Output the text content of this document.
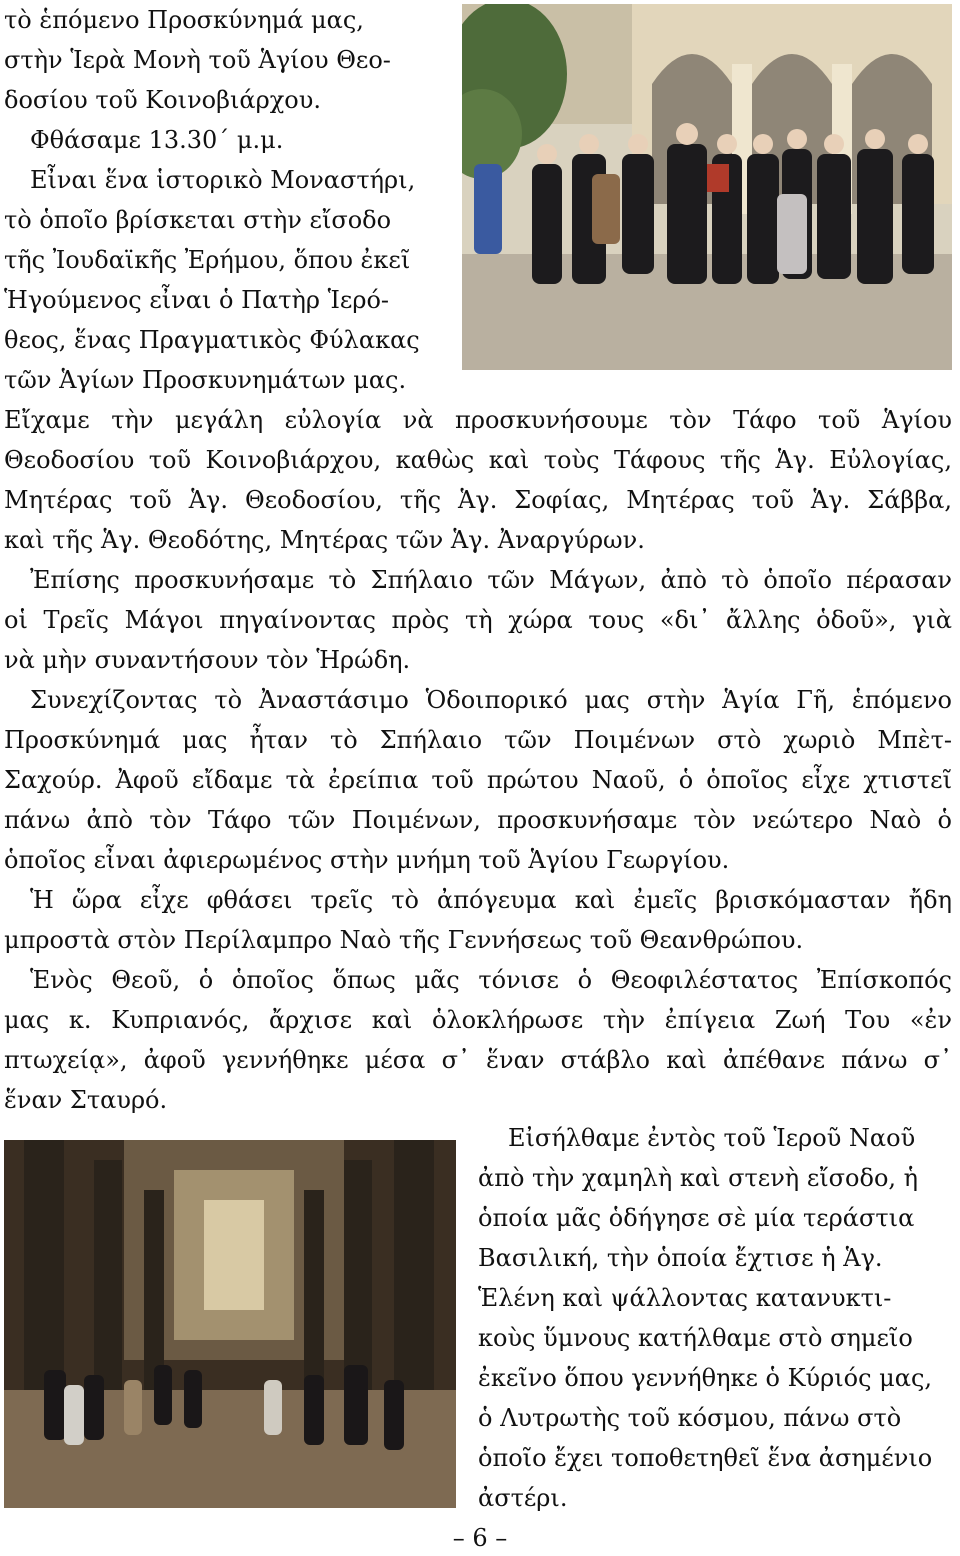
τὸ ἑπόμενο Προσκύνημά μας,
στὴν Ἱερὰ Μονὴ τοῦ Ἁγίου Θεο-
δοσίου τοῦ Κοινοβιάρχου.
Φθάσαμε 13.30΄ μ.μ.
Εἶναι ἕνα ἱστορικὸ Μοναστήρι,
τὸ ὁποῖο βρίσκεται στὴν εἴσοδο
τῆς Ἰουδαϊκῆς Ἐρήμου, ὅπου ἐκεῖ
Ἡγούμενος εἶναι ὁ Πατὴρ Ἱερό-
θεος, ἕνας Πραγματικὸς Φύλακας
τῶν Ἁγίων Προσκυνημάτων μας.
Εἴχαμε τὴν μεγάλη εὐλογία νὰ προσκυνήσουμε τὸν Τάφο τοῦ Ἁγίου
Θεοδοσίου τοῦ Κοινοβιάρχου, καθὼς καὶ τοὺς Τάφους τῆς Ἁγ. Εὐλογίας,
Μητέρας τοῦ Ἁγ. Θεοδοσίου, τῆς Ἁγ. Σοφίας, Μητέρας τοῦ Ἁγ. Σάββα,
καὶ τῆς Ἁγ. Θεοδότης, Μητέρας τῶν Ἁγ. Ἀναργύρων.
Ἐπίσης προσκυνήσαμε τὸ Σπήλαιο τῶν Μάγων, ἀπὸ τὸ ὁποῖο πέρασαν
οἱ Τρεῖς Μάγοι πηγαίνοντας πρὸς τὴ χώρα τους «δι᾽ ἄλλης ὁδοῦ», γιὰ
νὰ μὴν συναντήσουν τὸν Ἡρώδη.
Συνεχίζοντας τὸ Ἀναστάσιμο Ὁδοιπορικό μας στὴν Ἁγία Γῆ, ἑπόμενο
Προσκύνημά μας ἦταν τὸ Σπήλαιο τῶν Ποιμένων στὸ χωριὸ Μπὲτ-
Σαχούρ. Ἀφοῦ εἴδαμε τὰ ἐρείπια τοῦ πρώτου Ναοῦ, ὁ ὁποῖος εἶχε χτιστεῖ
πάνω ἀπὸ τὸν Τάφο τῶν Ποιμένων, προσκυνήσαμε τὸν νεώτερο Ναὸ ὁ
ὁποῖος εἶναι ἀφιερωμένος στὴν μνήμη τοῦ Ἁγίου Γεωργίου.
Ἡ ὥρα εἶχε φθάσει τρεῖς τὸ ἀπόγευμα καὶ ἐμεῖς βρισκόμασταν ἤδη
μπροστὰ στὸν Περίλαμπρο Ναὸ τῆς Γεννήσεως τοῦ Θεανθρώπου.
Ἑνὸς Θεοῦ, ὁ ὁποῖος ὅπως μᾶς τόνισε ὁ Θεοφιλέστατος Ἐπίσκοπός
μας κ. Κυπριανός, ἄρχισε καὶ ὁλοκλήρωσε τὴν ἐπίγεια Ζωή Του «ἐν
πτωχείᾳ», ἀφοῦ γεννήθηκε μέσα σ᾽ ἕναν στάβλο καὶ ἀπέθανε πάνω σ᾽
ἕναν Σταυρό.
Εἰσήλθαμε ἐντὸς τοῦ Ἱεροῦ Ναοῦ
ἀπὸ τὴν χαμηλὴ καὶ στενὴ εἴσοδο, ἡ
ὁποία μᾶς ὁδήγησε σὲ μία τεράστια
Βασιλική, τὴν ὁποία ἔχτισε ἡ Ἁγ.
Ἑλένη καὶ ψάλλοντας κατανυκτι-
κοὺς ὕμνους κατήλθαμε στὸ σημεῖο
ἐκεῖνο ὅπου γεννήθηκε ὁ Κύριός μας,
ὁ Λυτρωτὴς τοῦ κόσμου, πάνω στὸ
ὁποῖο ἔχει τοποθετηθεῖ ἕνα ἀσημένιο
ἀστέρι.
– 6 –
